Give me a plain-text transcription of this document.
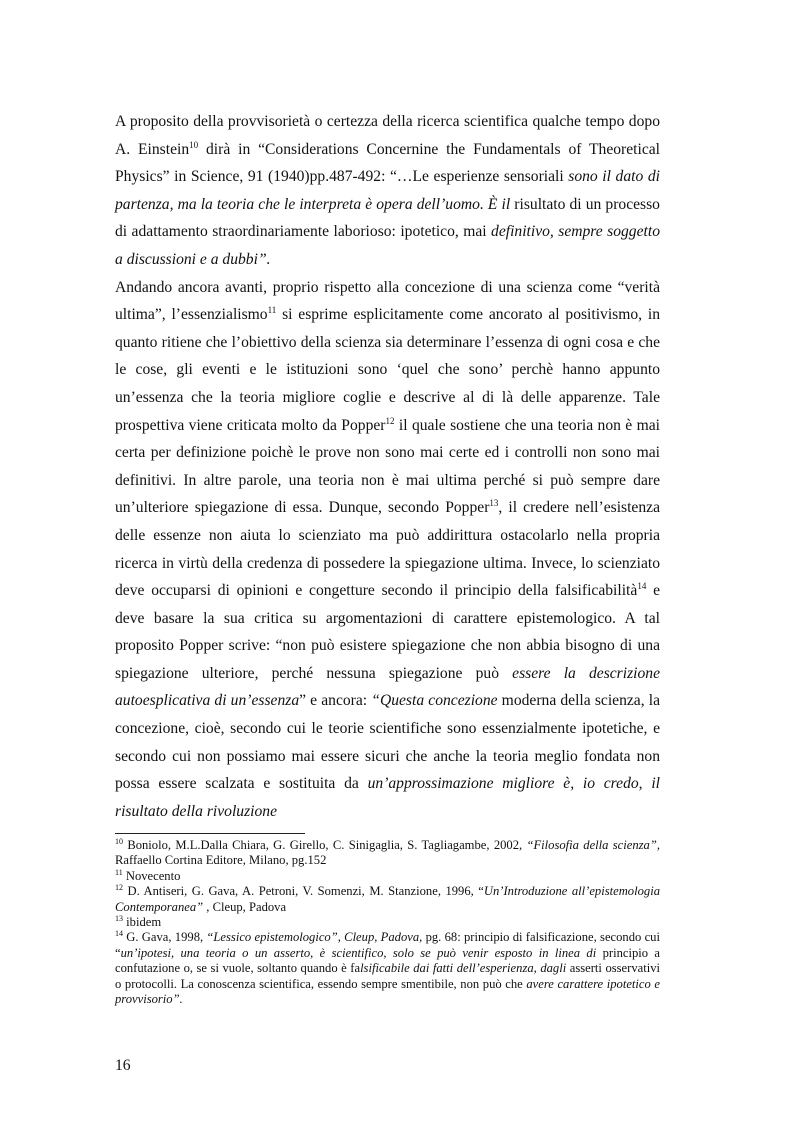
A proposito della provvisorietà o certezza della ricerca scientifica qualche tempo dopo A. Einstein$^{10}$ dirà in “Considerations Concernine the Fundamentals of Theoretical Physics” in Science, 91 (1940)pp.487-492: “…Le esperienze sensoriali sono il dato di partenza, ma la teoria che le interpreta è opera dell’uomo. È il risultato di un processo di adattamento straordinariamente laborioso: ipotetico, mai definitivo, sempre soggetto a discussioni e a dubbi”.

Andando ancora avanti, proprio rispetto alla concezione di una scienza come “verità ultima”, l’essenzialismo$^{11}$ si esprime esplicitamente come ancorato al positivismo, in quanto ritiene che l’obiettivo della scienza sia determinare l’essenza di ogni cosa e che le cose, gli eventi e le istituzioni sono ‘quel che sono’ perchè hanno appunto un’essenza che la teoria migliore coglie e descrive al di là delle apparenze. Tale prospettiva viene criticata molto da Popper$^{12}$ il quale sostiene che una teoria non è mai certa per definizione poichè le prove non sono mai certe ed i controlli non sono mai definitivi. In altre parole, una teoria non è mai ultima perché si può sempre dare un’ulteriore spiegazione di essa. Dunque, secondo Popper$^{13}$, il credere nell’esistenza delle essenze non aiuta lo scienziato ma può addirittura ostacolarlo nella propria ricerca in virtù della credenza di possedere la spiegazione ultima. Invece, lo scienziato deve occuparsi di opinioni e congetture secondo il principio della falsificabilità$^{14}$ e deve basare la sua critica su argomentazioni di carattere epistemologico. A tal proposito Popper scrive: “non può esistere spiegazione che non abbia bisogno di una spiegazione ulteriore, perché nessuna spiegazione può essere la descrizione autoesplicativa di un’essenza” e ancora: “Questa concezione moderna della scienza, la concezione, cioè, secondo cui le teorie scientifiche sono essenzialmente ipotetiche, e secondo cui non possiamo mai essere sicuri che anche la teoria meglio fondata non possa essere scalzata e sostituita da un’approssimazione migliore è, io credo, il risultato della rivoluzione

$^{10}$ Boniolo, M.L.Dalla Chiara, G. Girello, C. Sinigaglia, S. Tagliagambe, 2002, “Filosofia della scienza”, Raffaello Cortina Editore, Milano, pg.152

$^{11}$ Novecento

$^{12}$ D. Antiseri, G. Gava, A. Petroni, V. Somenzi, M. Stanzione, 1996, “Un’Introduzione all’epistemologia Contemporanea” , Cleup, Padova

$^{13}$ ibidem

$^{14}$ G. Gava, 1998, “Lessico epistemologico”, Cleup, Padova, pg. 68: principio di falsificazione, secondo cui “un’ipotesi, una teoria o un asserto, è scientifico, solo se può venir esposto in linea di principio a confutazione o, se si vuole, soltanto quando è falsificabile dai fatti dell’esperienza, dagli asserti osservativi o protocolli. La conoscenza scientifica, essendo sempre smentibile, non può che avere carattere ipotetico e provvisorio”.

16
